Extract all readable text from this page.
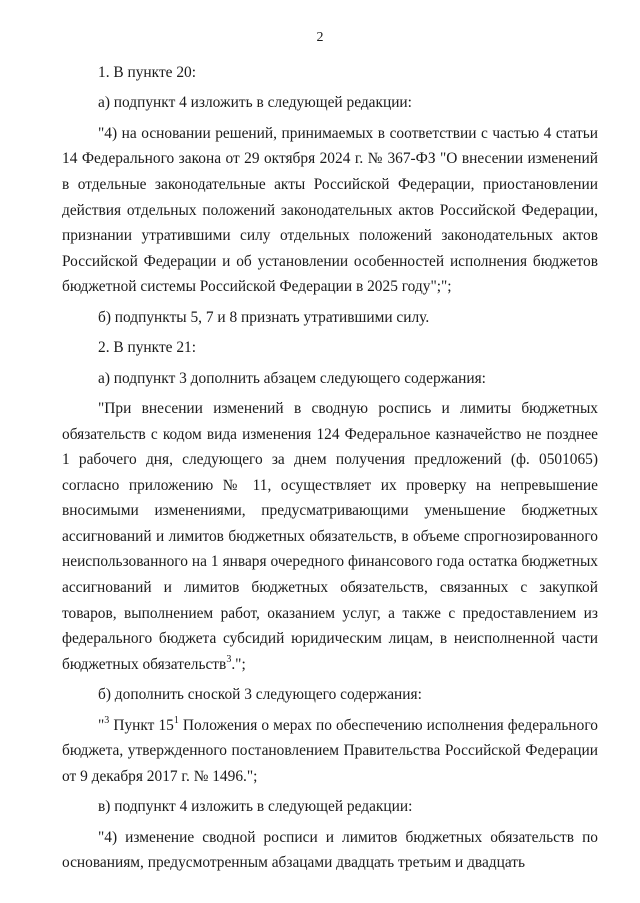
2

1. В пункте 20:

а) подпункт 4 изложить в следующей редакции:

"4) на основании решений, принимаемых в соответствии с частью 4 статьи 14 Федерального закона от 29 октября 2024 г. № 367-ФЗ "О внесении изменений в отдельные законодательные акты Российской Федерации, приостановлении действия отдельных положений законодательных актов Российской Федерации, признании утратившими силу отдельных положений законодательных актов Российской Федерации и об установлении особенностей исполнения бюджетов бюджетной системы Российской Федерации в 2025 году";";

б) подпункты 5, 7 и 8 признать утратившими силу.

2. В пункте 21:

а) подпункт 3 дополнить абзацем следующего содержания:

"При внесении изменений в сводную роспись и лимиты бюджетных обязательств с кодом вида изменения 124 Федеральное казначейство не позднее 1 рабочего дня, следующего за днем получения предложений (ф. 0501065) согласно приложению № 11, осуществляет их проверку на непревышение вносимыми изменениями, предусматривающими уменьшение бюджетных ассигнований и лимитов бюджетных обязательств, в объеме спрогнозированного неиспользованного на 1 января очередного финансового года остатка бюджетных ассигнований и лимитов бюджетных обязательств, связанных с закупкой товаров, выполнением работ, оказанием услуг, а также с предоставлением из федерального бюджета субсидий юридическим лицам, в неисполненной части бюджетных обязательств$^3$.";

б) дополнить сноской 3 следующего содержания:

"$^3$ Пункт $15^1$ Положения о мерах по обеспечению исполнения федерального бюджета, утвержденного постановлением Правительства Российской Федерации от 9 декабря 2017 г. № 1496.";

в) подпункт 4 изложить в следующей редакции:

"4) изменение сводной росписи и лимитов бюджетных обязательств по основаниям, предусмотренным абзацами двадцать третьим и двадцать
